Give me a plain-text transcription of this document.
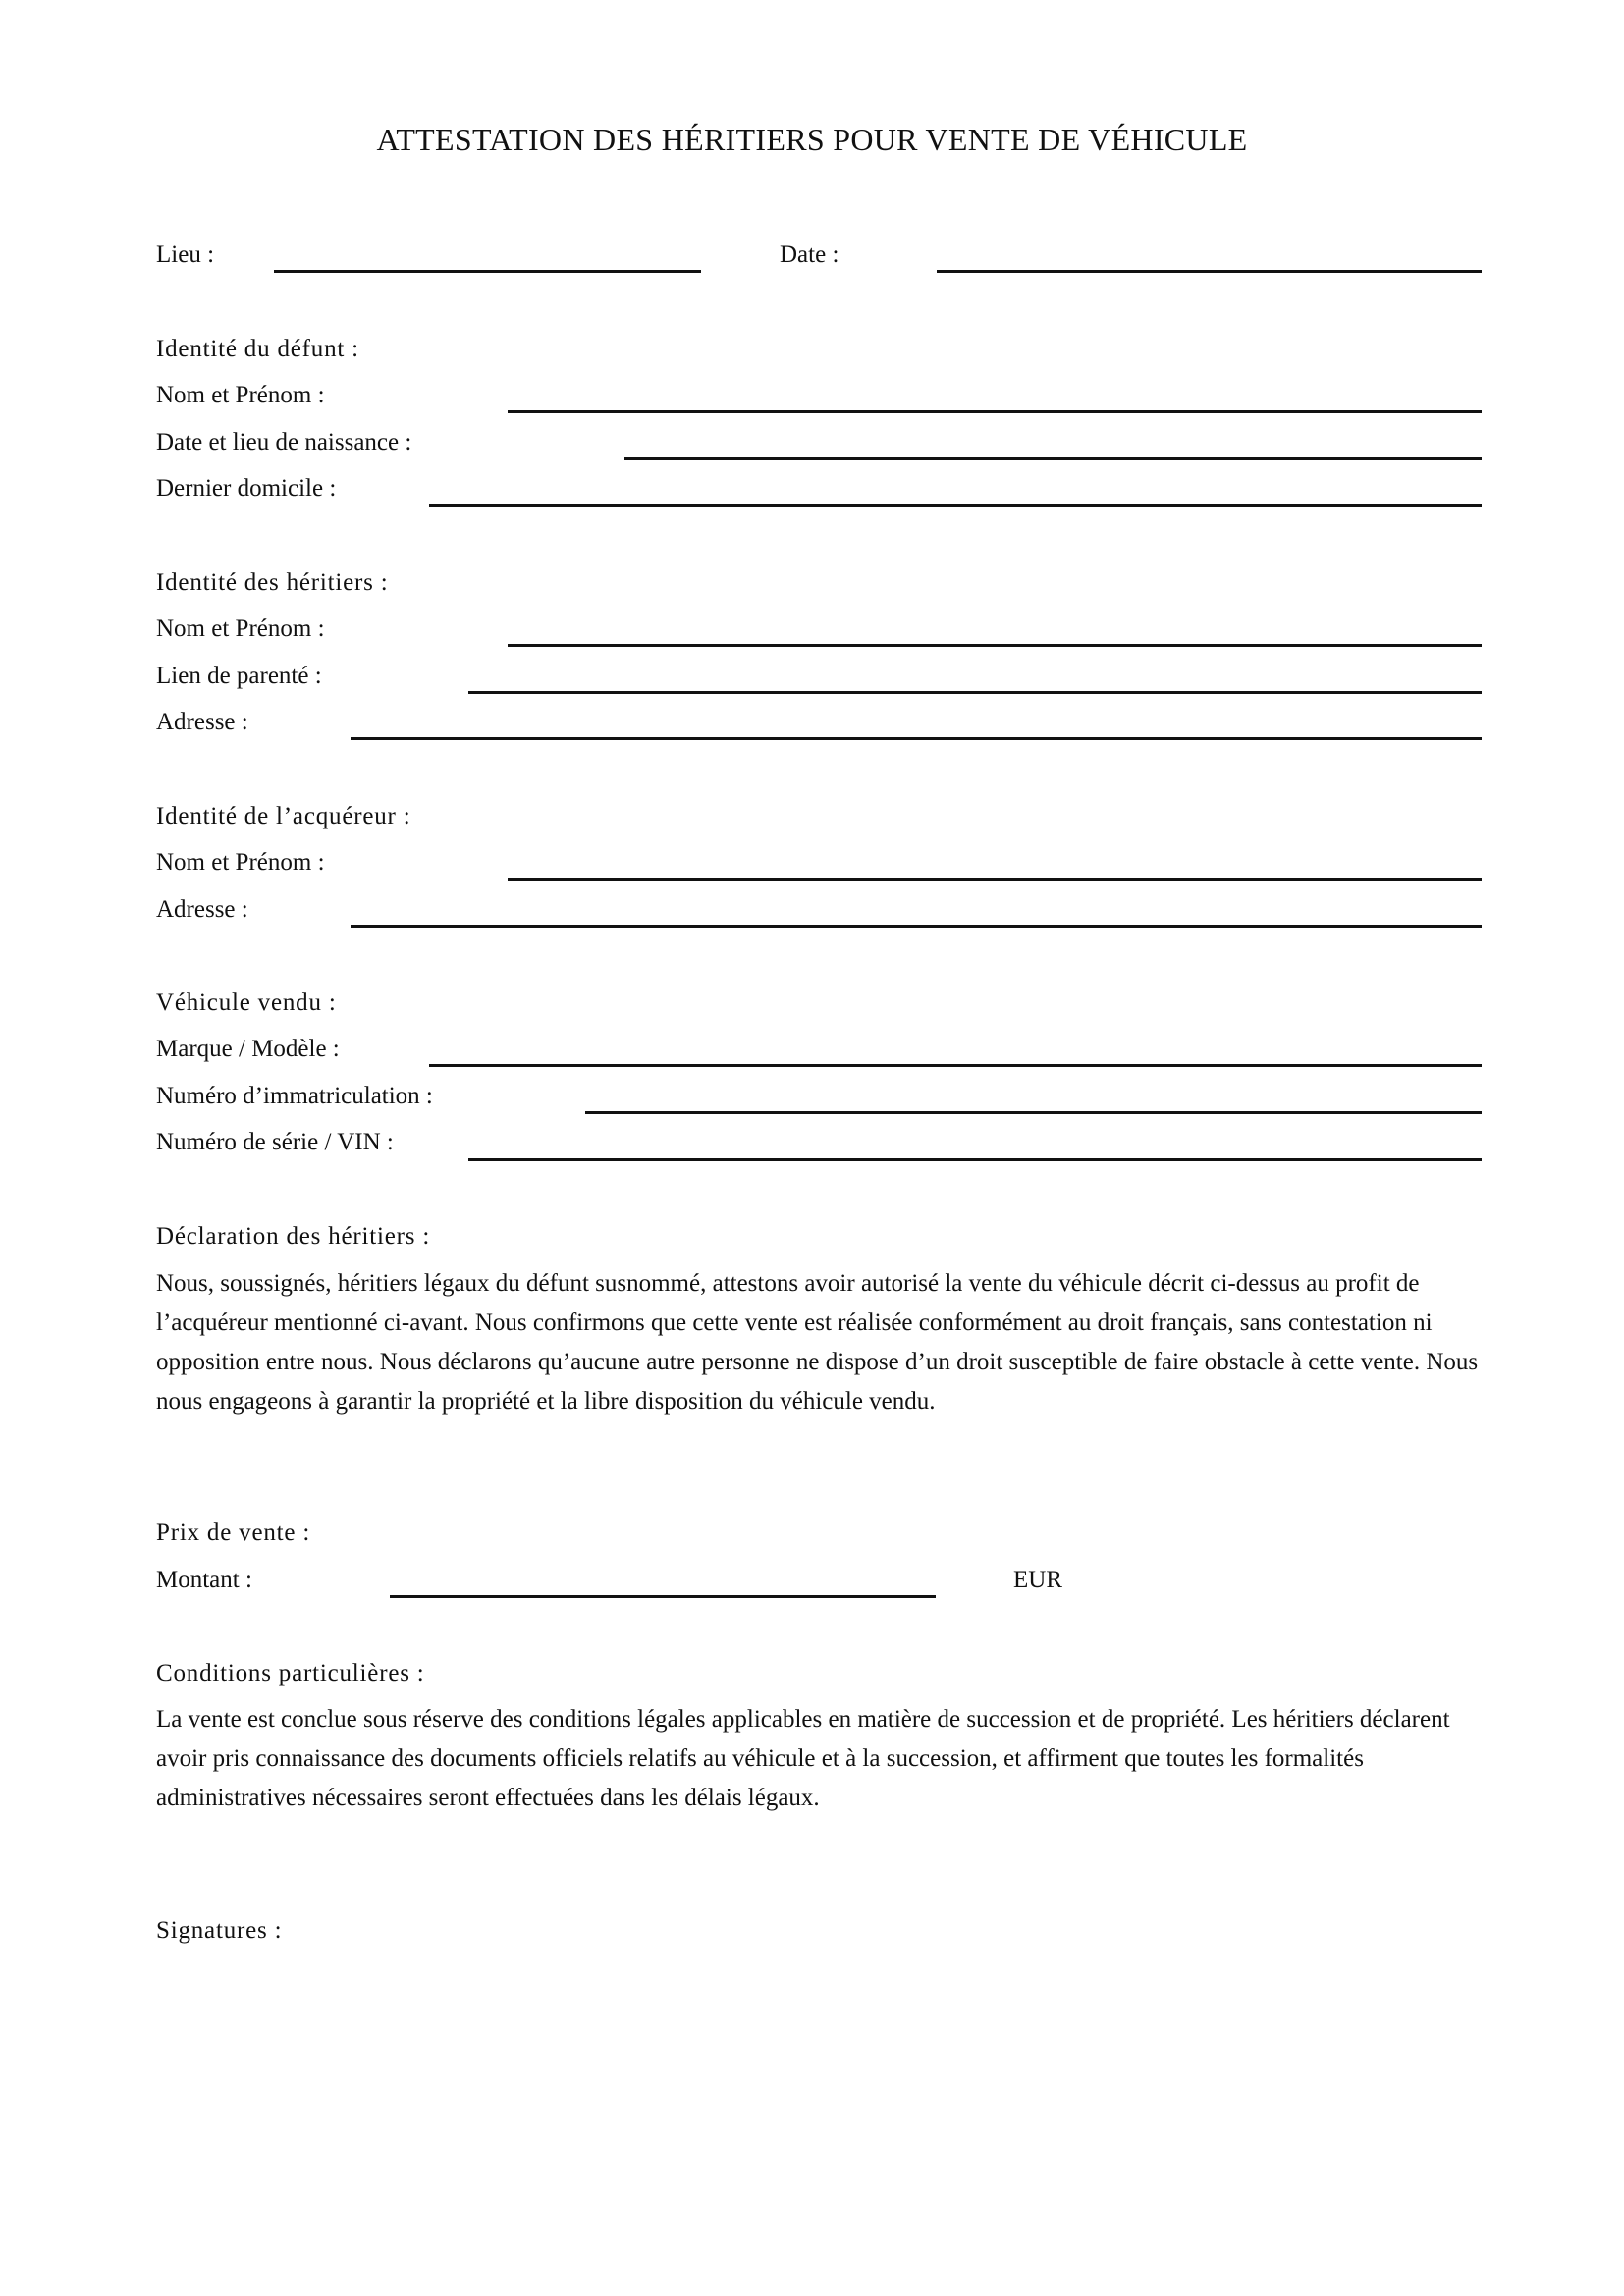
ATTESTATION DES HÉRITIERS POUR VENTE DE VÉHICULE
Lieu :	Date :
Identité du défunt :
Nom et Prénom :
Date et lieu de naissance :
Dernier domicile :
Identité des héritiers :
Nom et Prénom :
Lien de parenté :
Adresse :
Identité de l’acquéreur :
Nom et Prénom :
Adresse :
Véhicule vendu :
Marque / Modèle :
Numéro d’immatriculation :
Numéro de série / VIN :
Déclaration des héritiers :
Nous, soussignés, héritiers légaux du défunt susnommé, attestons avoir autorisé la vente du véhicule décrit ci-dessus au profit de l’acquéreur mentionné ci-avant. Nous confirmons que cette vente est réalisée conformément au droit français, sans contestation ni opposition entre nous. Nous déclarons qu’aucune autre personne ne dispose d’un droit susceptible de faire obstacle à cette vente. Nous nous engageons à garantir la propriété et la libre disposition du véhicule vendu.
Prix de vente :
Montant :	EUR
Conditions particulières :
La vente est conclue sous réserve des conditions légales applicables en matière de succession et de propriété. Les héritiers déclarent avoir pris connaissance des documents officiels relatifs au véhicule et à la succession, et affirment que toutes les formalités administratives nécessaires seront effectuées dans les délais légaux.
Signatures :
